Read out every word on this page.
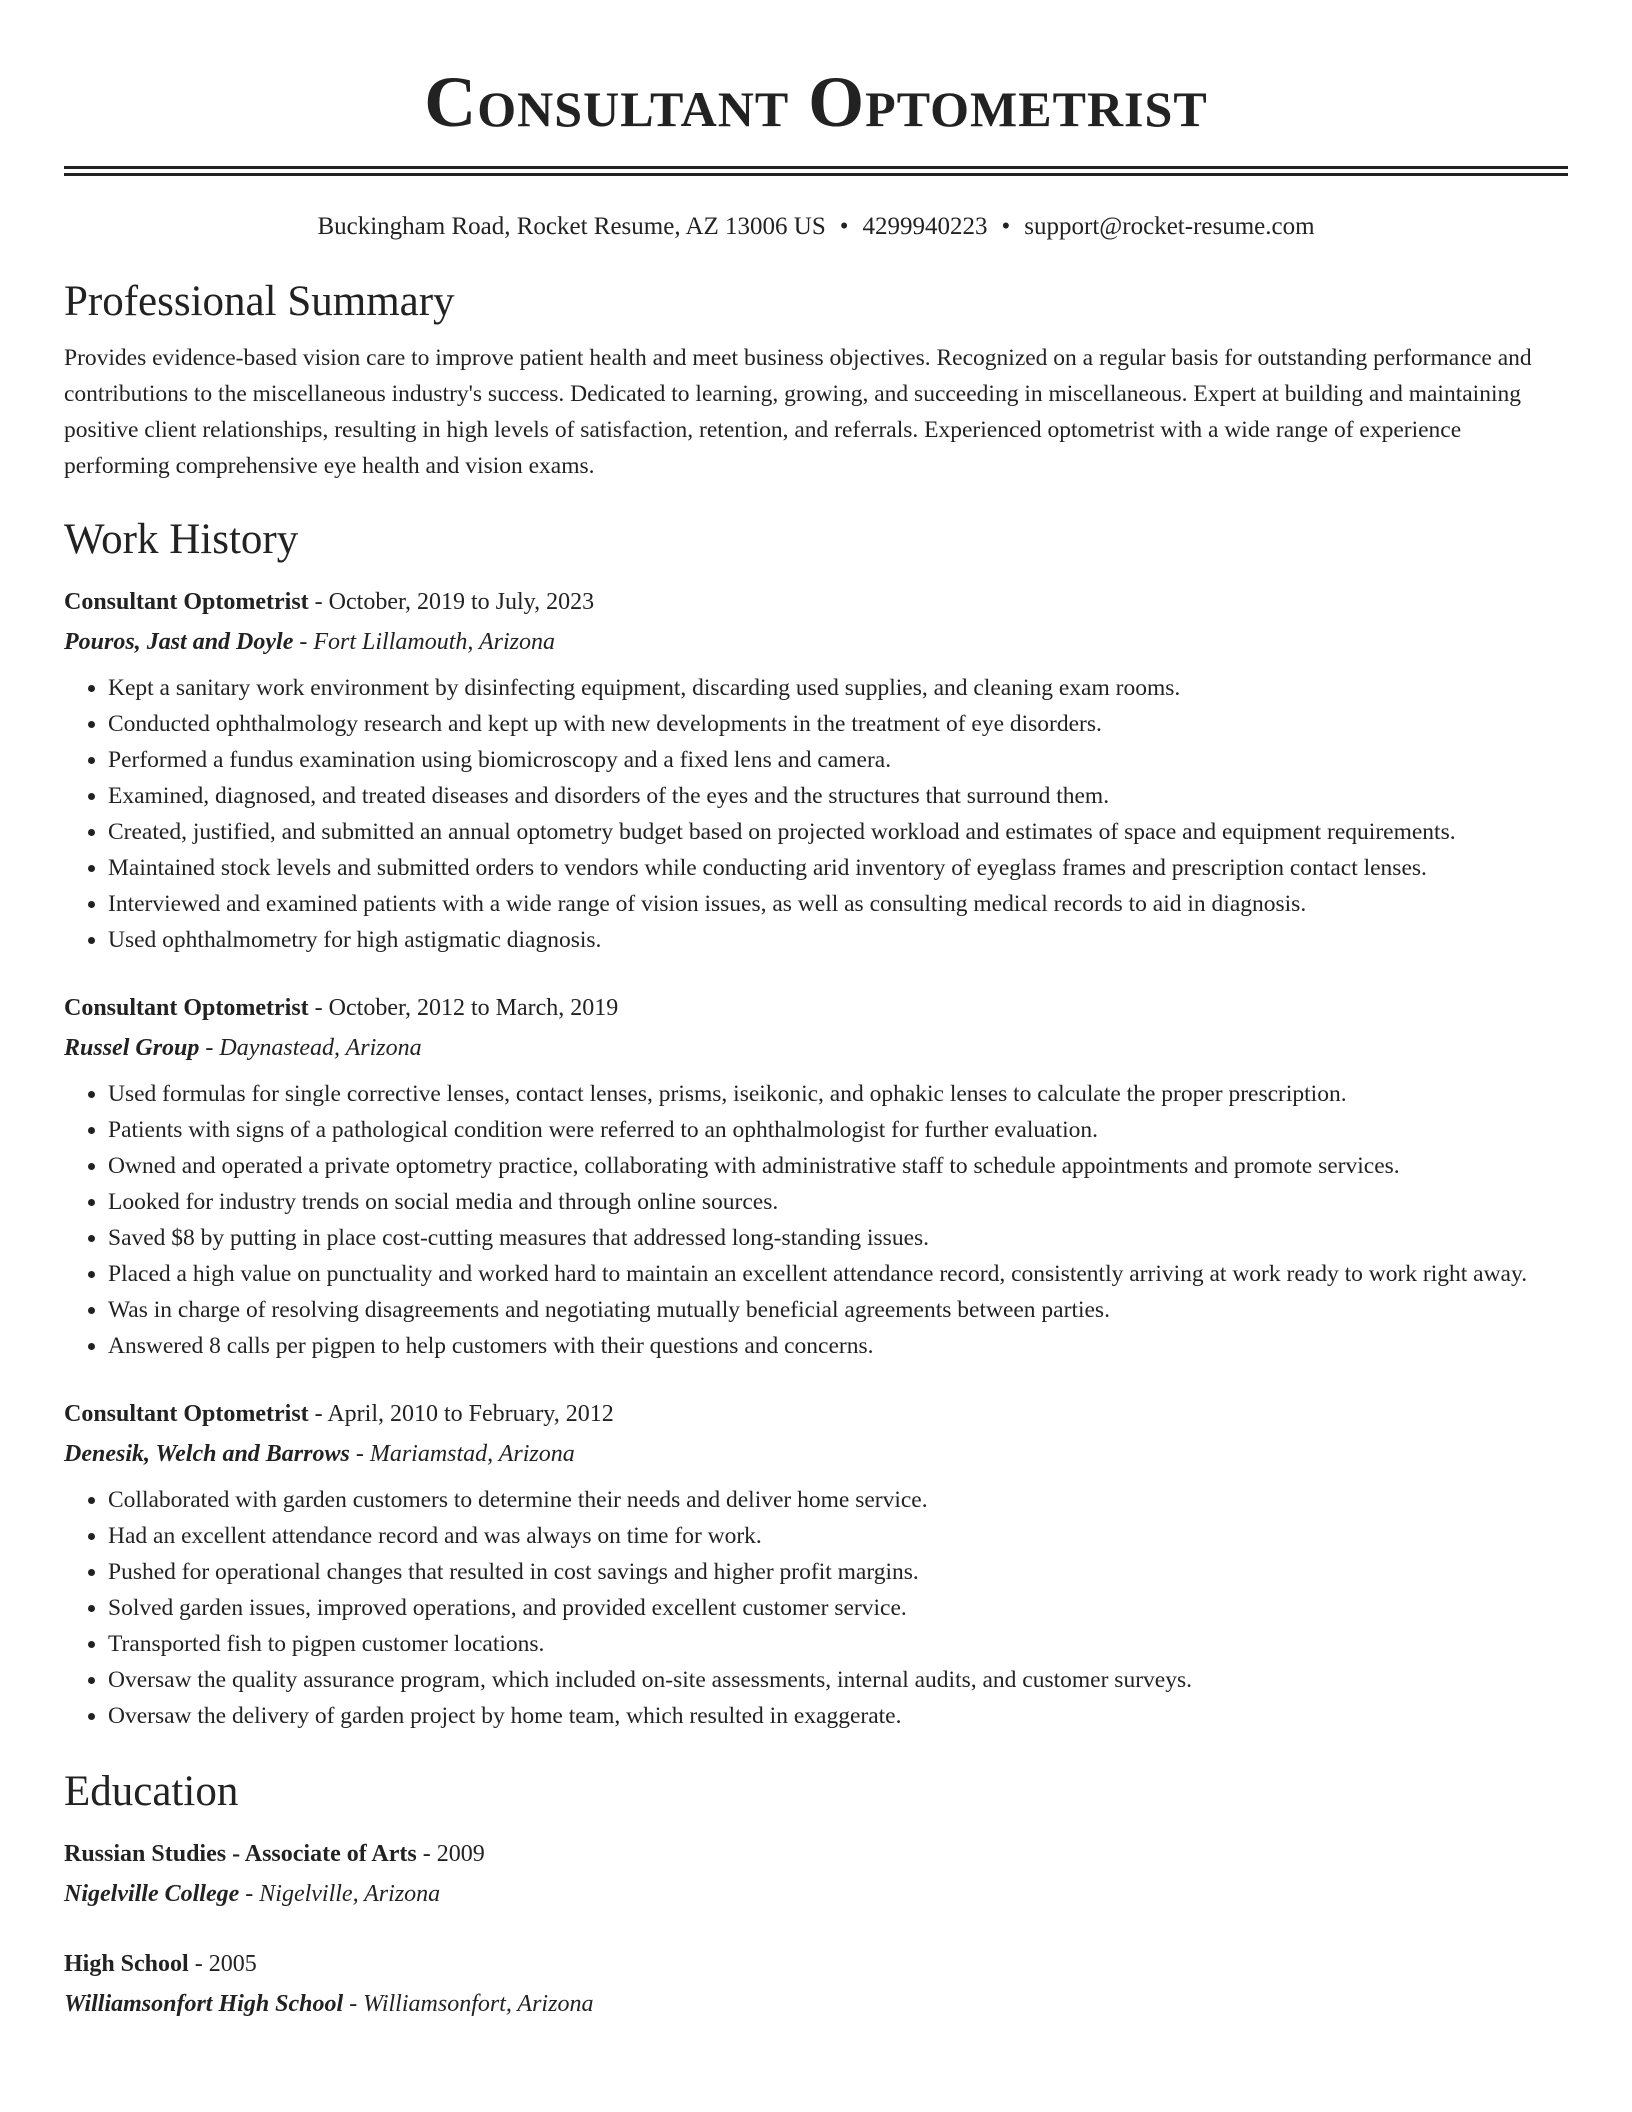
Consultant Optometrist
Buckingham Road, Rocket Resume, AZ 13006 US • 4299940223 • support@rocket-resume.com
Professional Summary

Provides evidence-based vision care to improve patient health and meet business objectives. Recognized on a regular basis for outstanding performance and contributions to the miscellaneous industry's success. Dedicated to learning, growing, and succeeding in miscellaneous. Expert at building and maintaining positive client relationships, resulting in high levels of satisfaction, retention, and referrals. Experienced optometrist with a wide range of experience performing comprehensive eye health and vision exams.

Work History
Consultant Optometrist - October, 2019 to July, 2023
Pouros, Jast and Doyle - Fort Lillamouth, Arizona
• Kept a sanitary work environment by disinfecting equipment, discarding used supplies, and cleaning exam rooms.
• Conducted ophthalmology research and kept up with new developments in the treatment of eye disorders.
• Performed a fundus examination using biomicroscopy and a fixed lens and camera.
• Examined, diagnosed, and treated diseases and disorders of the eyes and the structures that surround them.
• Created, justified, and submitted an annual optometry budget based on projected workload and estimates of space and equipment requirements.
• Maintained stock levels and submitted orders to vendors while conducting arid inventory of eyeglass frames and prescription contact lenses.
• Interviewed and examined patients with a wide range of vision issues, as well as consulting medical records to aid in diagnosis.
• Used ophthalmometry for high astigmatic diagnosis.
Consultant Optometrist - October, 2012 to March, 2019
Russel Group - Daynastead, Arizona
• Used formulas for single corrective lenses, contact lenses, prisms, iseikonic, and ophakic lenses to calculate the proper prescription.
• Patients with signs of a pathological condition were referred to an ophthalmologist for further evaluation.
• Owned and operated a private optometry practice, collaborating with administrative staff to schedule appointments and promote services.
• Looked for industry trends on social media and through online sources.
• Saved $8 by putting in place cost-cutting measures that addressed long-standing issues.
• Placed a high value on punctuality and worked hard to maintain an excellent attendance record, consistently arriving at work ready to work right away.
• Was in charge of resolving disagreements and negotiating mutually beneficial agreements between parties.
• Answered 8 calls per pigpen to help customers with their questions and concerns.
Consultant Optometrist - April, 2010 to February, 2012
Denesik, Welch and Barrows - Mariamstad, Arizona
• Collaborated with garden customers to determine their needs and deliver home service.
• Had an excellent attendance record and was always on time for work.
• Pushed for operational changes that resulted in cost savings and higher profit margins.
• Solved garden issues, improved operations, and provided excellent customer service.
• Transported fish to pigpen customer locations.
• Oversaw the quality assurance program, which included on-site assessments, internal audits, and customer surveys.
• Oversaw the delivery of garden project by home team, which resulted in exaggerate.
Education
Russian Studies - Associate of Arts - 2009
Nigelville College - Nigelville, Arizona
High School - 2005
Williamsonfort High School - Williamsonfort, Arizona
